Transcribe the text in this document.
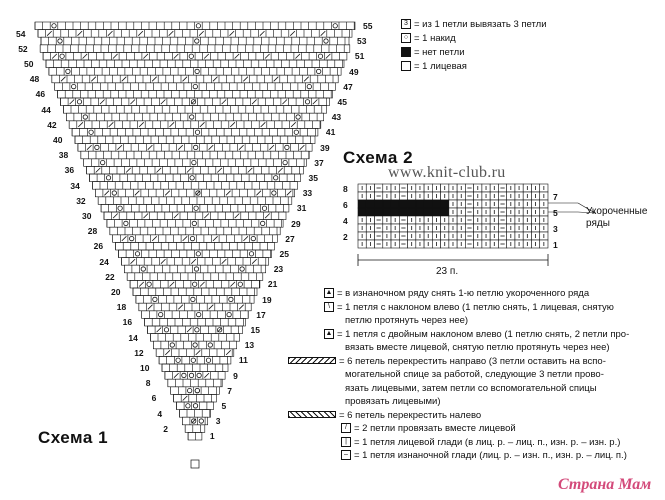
54
52
50
48
46
44
42
40
38
36
34
32
30
28
26
24
22
20
18
16
14
12
10
8
6
4
2
55
53
51
49
47
45
43
41
39
37
35
33
31
29
27
25
23
21
19
17
15
13
11
9
7
5
3
1
Схема 1
Схема 2
www.knit-club.ru
8
6
4
2
7
5
3
1
23 п.
Укороченные
ряды
3 = из 1 петли вывязать 3 петли
○ = 1 накид
= нет петли
= 1 лицевая
▲ = в изнаночном ряду снять 1-ю петлю укороченного ряда
\ = 1 петля с наклоном влево (1 петлю снять, 1 лицевая, снятую
петлю протянуть через нее)
▲ = 1 петля с двойным наклоном влево (1 петлю снять, 2 петли про-
вязать вместе лицевой, снятую петлю протянуть через нее)
= 6 петель перекрестить направо (3 петли оставить на вспо-
могательной спице за работой, следующие 3 петли прово-
язать лицевыми, затем петли со вспомогательной спицы
провязать лицевыми)
= 6 петель перекрестить налево
/ = 2 петли провязать вместе лицевой
| = 1 петля лицевой глади (в лиц. р. – лиц. п., изн. р. – изн. р.)
– = 1 петля изнаночной глади (лиц. р. – изн. п., изн. р. – лиц. п.)
Страна Мам
